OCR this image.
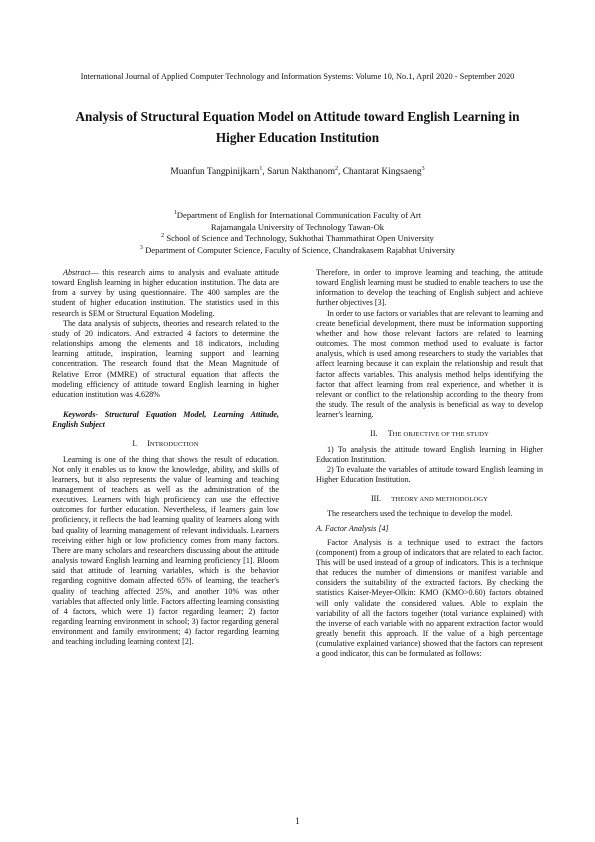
International Journal of Applied Computer Technology and Information Systems: Volume 10, No.1, April 2020 - September 2020
Analysis of Structural Equation Model on Attitude toward English Learning in
Higher Education Institution
Muanfun Tangpinijkarn$^1$, Sarun Nakthanom$^2$, Chantarat Kingsaeng$^3$
$^1$Department of English for International Communication Faculty of Art
Rajamangala University of Technology Tawan-Ok
$^2$ School of Science and Technology, Sukhothai Thammathirat Open University
$^3$ Department of Computer Science, Faculty of Science, Chandrakasem Rajabhat University

Abstract— this research aims to analysis and evaluate attitude toward English learning in higher education institution. The data are from a survey by using questionnaire. The 400 samples are the student of higher education institution. The statistics used in this research is SEM or Structural Equation Modeling.

The data analysis of subjects, theories and research related to the study of 20 indicators. And extracted 4 factors to determine the relationships among the elements and 18 indicators, including learning attitude, inspiration, learning support and learning concentration. The research found that the Mean Magnitude of Relative Error (MMRE) of structural equation that affects the modeling efficiency of attitude toward English learning in higher education institution was 4.628%

Keywords- Structural Equation Model, Learning Attitude, English Subject

I. INTRODUCTION

Learning is one of the thing that shows the result of education. Not only it enables us to know the knowledge, ability, and skills of learners, but it also represents the value of learning and teaching management of teachers as well as the administration of the executives. Learners with high proficiency can use the effective outcomes for further education. Nevertheless, if learners gain low proficiency, it reflects the bad learning quality of learners along with bad quality of learning management of relevant individuals. Learners receiving either high or low proficiency comes from many factors. There are many scholars and researchers discussing about the attitude analysis toward English learning and learning proficiency [1]. Bloom said that attitude of learning variables, which is the behavior regarding cognitive domain affected 65% of learning, the teacher's quality of teaching affected 25%, and another 10% was other variables that affected only little. Factors affecting learning consisting of 4 factors, which were 1) factor regarding learner; 2) factor regarding learning environment in school; 3) factor regarding general environment and family environment; 4) factor regarding learning and teaching including learning context [2].

Therefore, in order to improve learning and teaching, the attitude toward English learning must be studied to enable teachers to use the information to develop the teaching of English subject and achieve further objectives [3].

In order to use factors or variables that are relevant to learning and create beneficial development, there must be information supporting whether and how those relevant factors are related to learning outcomes. The most common method used to evaluate is factor analysis, which is used among researchers to study the variables that affect learning because it can explain the relationship and result that factor affects variables. This analysis method helps identifying the factor that affect learning from real experience, and whether it is relevant or conflict to the relationship according to the theory from the study. The result of the analysis is beneficial as way to develop learner's learning.

II. THE OBJECTIVE OF THE STUDY

1) To analysis the attitude toward English learning in Higher Education Institution.

2) To evaluate the variables of attitude toward English learning in Higher Education Institution.

III. THEORY AND METHODOLOGY

The researchers used the technique to develop the model.

A. Factor Analysis [4]

Factor Analysis is a technique used to extract the factors (component) from a group of indicators that are related to each factor. This will be used instead of a group of indicators. This is a technique that reduces the number of dimensions or manifest variable and considers the suitability of the extracted factors. By checking the statistics Kaiser-Meyer-Olkin: KMO (KMO>0.60) factors obtained will only validate the considered values. Able to explain the variability of all the factors together (total variance explained) with the inverse of each variable with no apparent extraction factor would greatly benefit this approach. If the value of a high percentage (cumulative explained variance) showed that the factors can represent a good indicator, this can be formulated as follows:

1
